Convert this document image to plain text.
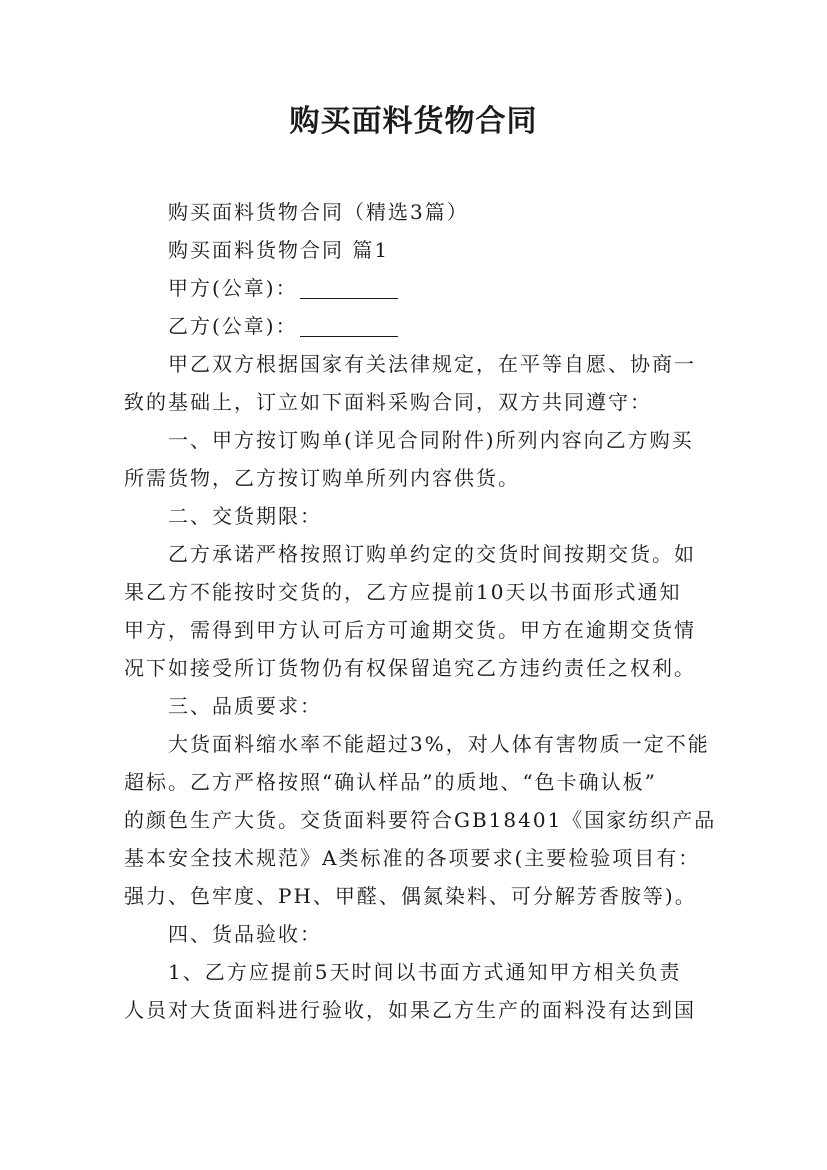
购买面料货物合同
购买面料货物合同（精选3篇）
购买面料货物合同 篇1
甲方(公章)：
乙方(公章)：
甲乙双方根据国家有关法律规定，在平等自愿、协商一
致的基础上，订立如下面料采购合同，双方共同遵守：
一、甲方按订购单(详见合同附件)所列内容向乙方购买
所需货物，乙方按订购单所列内容供货。
二、交货期限：
乙方承诺严格按照订购单约定的交货时间按期交货。如
果乙方不能按时交货的，乙方应提前10天以书面形式通知
甲方，需得到甲方认可后方可逾期交货。甲方在逾期交货情
况下如接受所订货物仍有权保留追究乙方违约责任之权利。
三、品质要求：
大货面料缩水率不能超过3%，对人体有害物质一定不能
超标。乙方严格按照“确认样品”的质地、“色卡确认板”
的颜色生产大货。交货面料要符合GB18401《国家纺织产品
基本安全技术规范》A类标准的各项要求(主要检验项目有：
强力、色牢度、PH、甲醛、偶氮染料、可分解芳香胺等)。
四、货品验收：
1、乙方应提前5天时间以书面方式通知甲方相关负责
人员对大货面料进行验收，如果乙方生产的面料没有达到国
